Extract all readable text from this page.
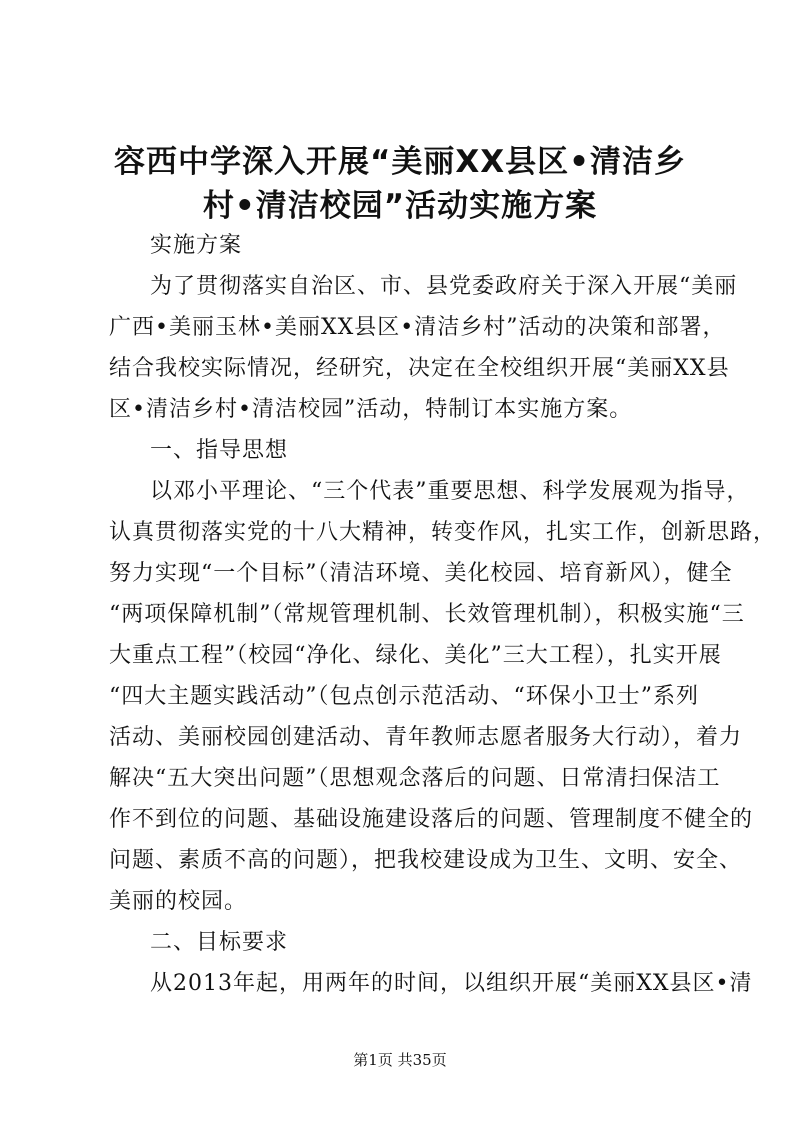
容西中学深入开展“美丽XX县区•清洁乡
村•清洁校园”活动实施方案
实施方案
为了贯彻落实自治区、市、县党委政府关于深入开展“美丽
广西•美丽玉林•美丽XX县区•清洁乡村”活动的决策和部署，
结合我校实际情况，经研究，决定在全校组织开展“美丽XX县
区•清洁乡村•清洁校园”活动，特制订本实施方案。
一、指导思想
以邓小平理论、“三个代表”重要思想、科学发展观为指导，
认真贯彻落实党的十八大精神，转变作风，扎实工作，创新思路，
努力实现“一个目标”（清洁环境、美化校园、培育新风），健全
“两项保障机制”（常规管理机制、长效管理机制），积极实施“三
大重点工程”（校园“净化、绿化、美化”三大工程），扎实开展
“四大主题实践活动”（包点创示范活动、“环保小卫士”系列
活动、美丽校园创建活动、青年教师志愿者服务大行动），着力
解决“五大突出问题”（思想观念落后的问题、日常清扫保洁工
作不到位的问题、基础设施建设落后的问题、管理制度不健全的
问题、素质不高的问题），把我校建设成为卫生、文明、安全、
美丽的校园。
二、目标要求
从2013年起，用两年的时间，以组织开展“美丽XX县区•清
第1页 共35页
